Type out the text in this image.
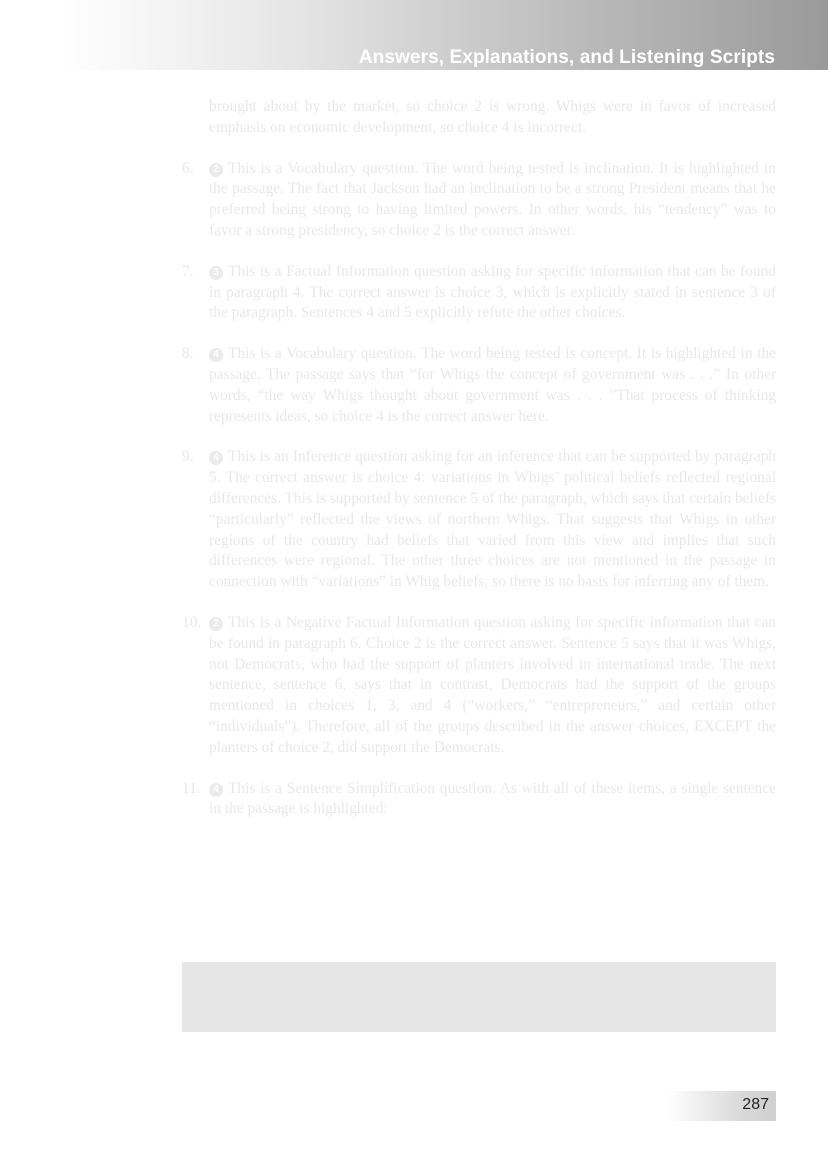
Answers, Explanations, and Listening Scripts

brought about by the market, so choice 2 is wrong. Whigs were in favor of increased emphasis on economic development, so choice 4 is incorrect.

6.	2 This is a Vocabulary question. The word being tested is inclination. It is highlighted in the passage. The fact that Jackson had an inclination to be a strong President means that he preferred being strong to having limited powers. In other words, his “tendency” was to favor a strong presidency, so choice 2 is the correct answer.

7.	3 This is a Factual Information question asking for specific information that can be found in paragraph 4. The correct answer is choice 3, which is explicitly stated in sentence 3 of the paragraph. Sentences 4 and 5 explicitly refute the other choices.

8.	4 This is a Vocabulary question. The word being tested is concept. It is highlighted in the passage. The passage says that “for Whigs the concept of government was . . .” In other words, “the way Whigs thought about government was . . . ”That process of thinking represents ideas, so choice 4 is the correct answer here.

9.	4 This is an Inference question asking for an inference that can be supported by paragraph 5. The correct answer is choice 4: variations in Whigs’ political beliefs reflected regional differences. This is supported by sentence 5 of the paragraph, which says that certain beliefs “particularly” reflected the views of northern Whigs. That suggests that Whigs in other regions of the country had beliefs that varied from this view and implies that such differences were regional. The other three choices are not mentioned in the passage in connection with “variations” in Whig beliefs, so there is no basis for inferring any of them.

10.	2 This is a Negative Factual Information question asking for specific information that can be found in paragraph 6. Choice 2 is the correct answer. Sentence 5 says that it was Whigs, not Democrats, who had the support of planters involved in international trade. The next sentence, sentence 6, says that in contrast, Democrats had the support of the groups mentioned in choices 1, 3, and 4 (“workers,” “entrepreneurs,” and certain other “individuals”). Therefore, all of the groups described in the answer choices, EXCEPT the planters of choice 2, did support the Democrats.

11.	4 This is a Sentence Simplification question. As with all of these items, a single sentence in the passage is highlighted:

287
